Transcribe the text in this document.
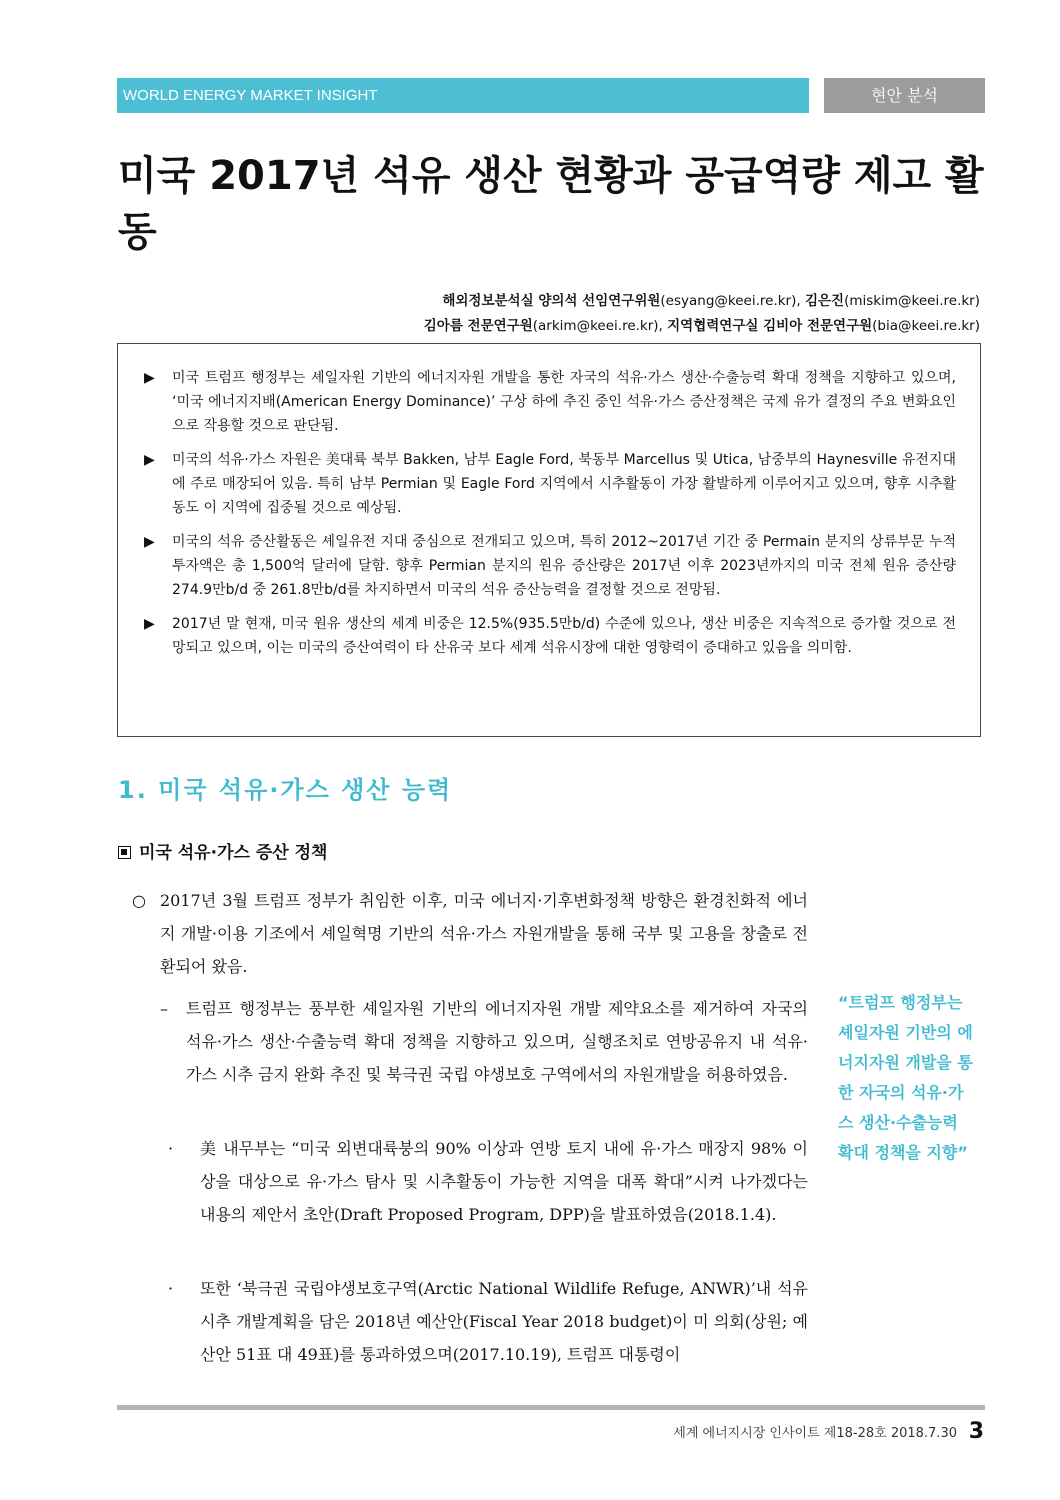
WORLD ENERGY MARKET INSIGHT	현안 분석
미국 2017년 석유 생산 현황과 공급역량 제고 활동
해외정보분석실 양의석 선임연구위원(esyang@keei.re.kr), 김은진(miskim@keei.re.kr)
김아름 전문연구원(arkim@keei.re.kr), 지역협력연구실 김비아 전문연구원(bia@keei.re.kr)
▶ 미국 트럼프 행정부는 셰일자원 기반의 에너지자원 개발을 통한 자국의 석유·가스 생산·수출능력 확대 정책을 지향하고 있으며, ‘미국 에너지지배(American Energy Dominance)’ 구상 하에 추진 중인 석유·가스 증산정책은 국제 유가 결정의 주요 변화요인으로 작용할 것으로 판단됨.
▶ 미국의 석유·가스 자원은 美대륙 북부 Bakken, 남부 Eagle Ford, 북동부 Marcellus 및 Utica, 남중부의 Haynesville 유전지대에 주로 매장되어 있음. 특히 남부 Permian 및 Eagle Ford 지역에서 시추활동이 가장 활발하게 이루어지고 있으며, 향후 시추활동도 이 지역에 집중될 것으로 예상됨.
▶ 미국의 석유 증산활동은 셰일유전 지대 중심으로 전개되고 있으며, 특히 2012~2017년 기간 중 Permain 분지의 상류부문 누적 투자액은 총 1,500억 달러에 달함. 향후 Permian 분지의 원유 증산량은 2017년 이후 2023년까지의 미국 전체 원유 증산량 274.9만b/d 중 261.8만b/d를 차지하면서 미국의 석유 증산능력을 결정할 것으로 전망됨.
▶ 2017년 말 현재, 미국 원유 생산의 세계 비중은 12.5%(935.5만b/d) 수준에 있으나, 생산 비중은 지속적으로 증가할 것으로 전망되고 있으며, 이는 미국의 증산여력이 타 산유국 보다 세계 석유시장에 대한 영향력이 증대하고 있음을 의미함.
1. 미국 석유·가스 생산 능력
미국 석유·가스 증산 정책
○ 2017년 3월 트럼프 정부가 취임한 이후, 미국 에너지·기후변화정책 방향은 환경친화적 에너지 개발·이용 기조에서 셰일혁명 기반의 석유·가스 자원개발을 통해 국부 및 고용을 창출로 전환되어 왔음.
– 트럼프 행정부는 풍부한 셰일자원 기반의 에너지자원 개발 제약요소를 제거하여 자국의 석유·가스 생산·수출능력 확대 정책을 지향하고 있으며, 실행조치로 연방공유지 내 석유·가스 시추 금지 완화 추진 및 북극권 국립 야생보호 구역에서의 자원개발을 허용하였음.
· 美 내무부는 “미국 외변대륙붕의 90% 이상과 연방 토지 내에 유·가스 매장지 98% 이상을 대상으로 유·가스 탐사 및 시추활동이 가능한 지역을 대폭 확대”시켜 나가겠다는 내용의 제안서 초안(Draft Proposed Program, DPP)을 발표하였음(2018.1.4).
· 또한 ‘북극권 국립야생보호구역(Arctic National Wildlife Refuge, ANWR)’내 석유시추 개발계획을 담은 2018년 예산안(Fiscal Year 2018 budget)이 미 의회(상원; 예산안 51표 대 49표)를 통과하였으며(2017.10.19), 트럼프 대통령이
“트럼프 행정부는 셰일자원 기반의 에너지자원 개발을 통한 자국의 석유·가스 생산·수출능력 확대 정책을 지향”
세계 에너지시장 인사이트 제18-28호 2018.7.30 3
